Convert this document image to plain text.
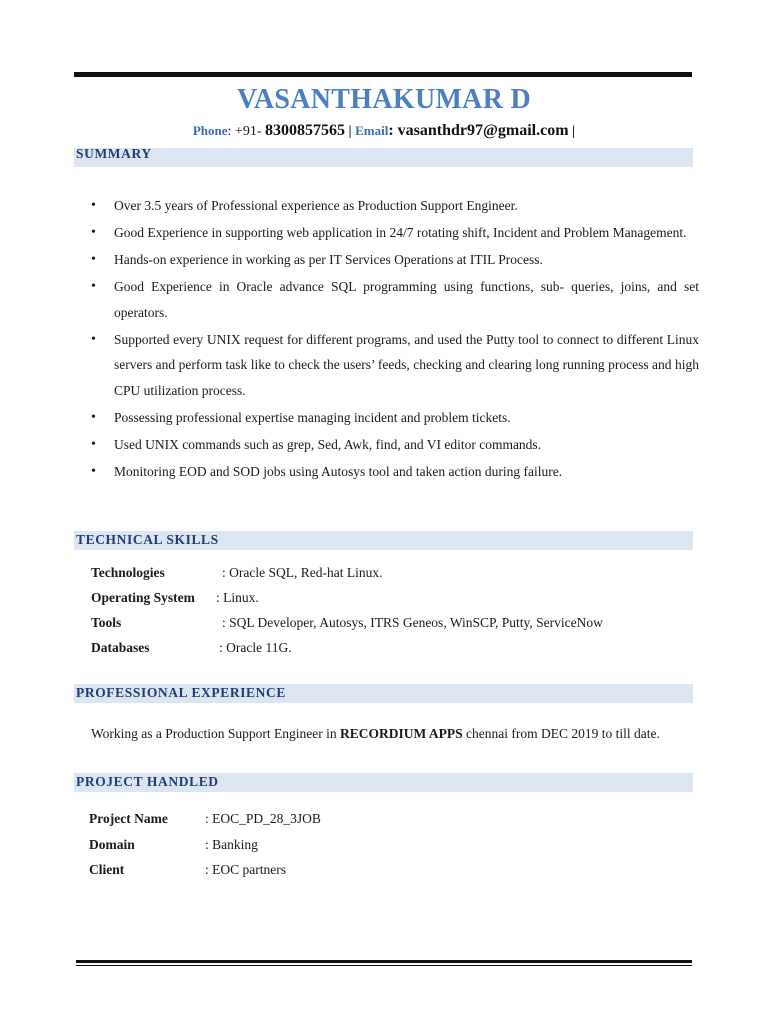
VASANTHAKUMAR D
Phone: +91- 8300857565 | Email: vasanthdr97@gmail.com |
SUMMARY
• Over 3.5 years of Professional experience as Production Support Engineer.
• Good Experience in supporting web application in 24/7 rotating shift, Incident and Problem Management.
• Hands-on experience in working as per IT Services Operations at ITIL Process.
• Good Experience in Oracle advance SQL programming using functions, sub- queries, joins, and set operators.
• Supported every UNIX request for different programs, and used the Putty tool to connect to different Linux servers and perform task like to check the users’ feeds, checking and clearing long running process and high CPU utilization process.
• Possessing professional expertise managing incident and problem tickets.
• Used UNIX commands such as grep, Sed, Awk, find, and VI editor commands.
• Monitoring EOD and SOD jobs using Autosys tool and taken action during failure.
TECHNICAL SKILLS
Technologies	: Oracle SQL, Red-hat Linux.
Operating System : Linux.
Tools	: SQL Developer, Autosys, ITRS Geneos, WinSCP, Putty, ServiceNow
Databases	: Oracle 11G.
PROFESSIONAL EXPERIENCE
Working as a Production Support Engineer in RECORDIUM APPS chennai from DEC 2019 to till date.
PROJECT HANDLED
Project Name	: EOC_PD_28_3JOB
Domain	: Banking
Client	: EOC partners
